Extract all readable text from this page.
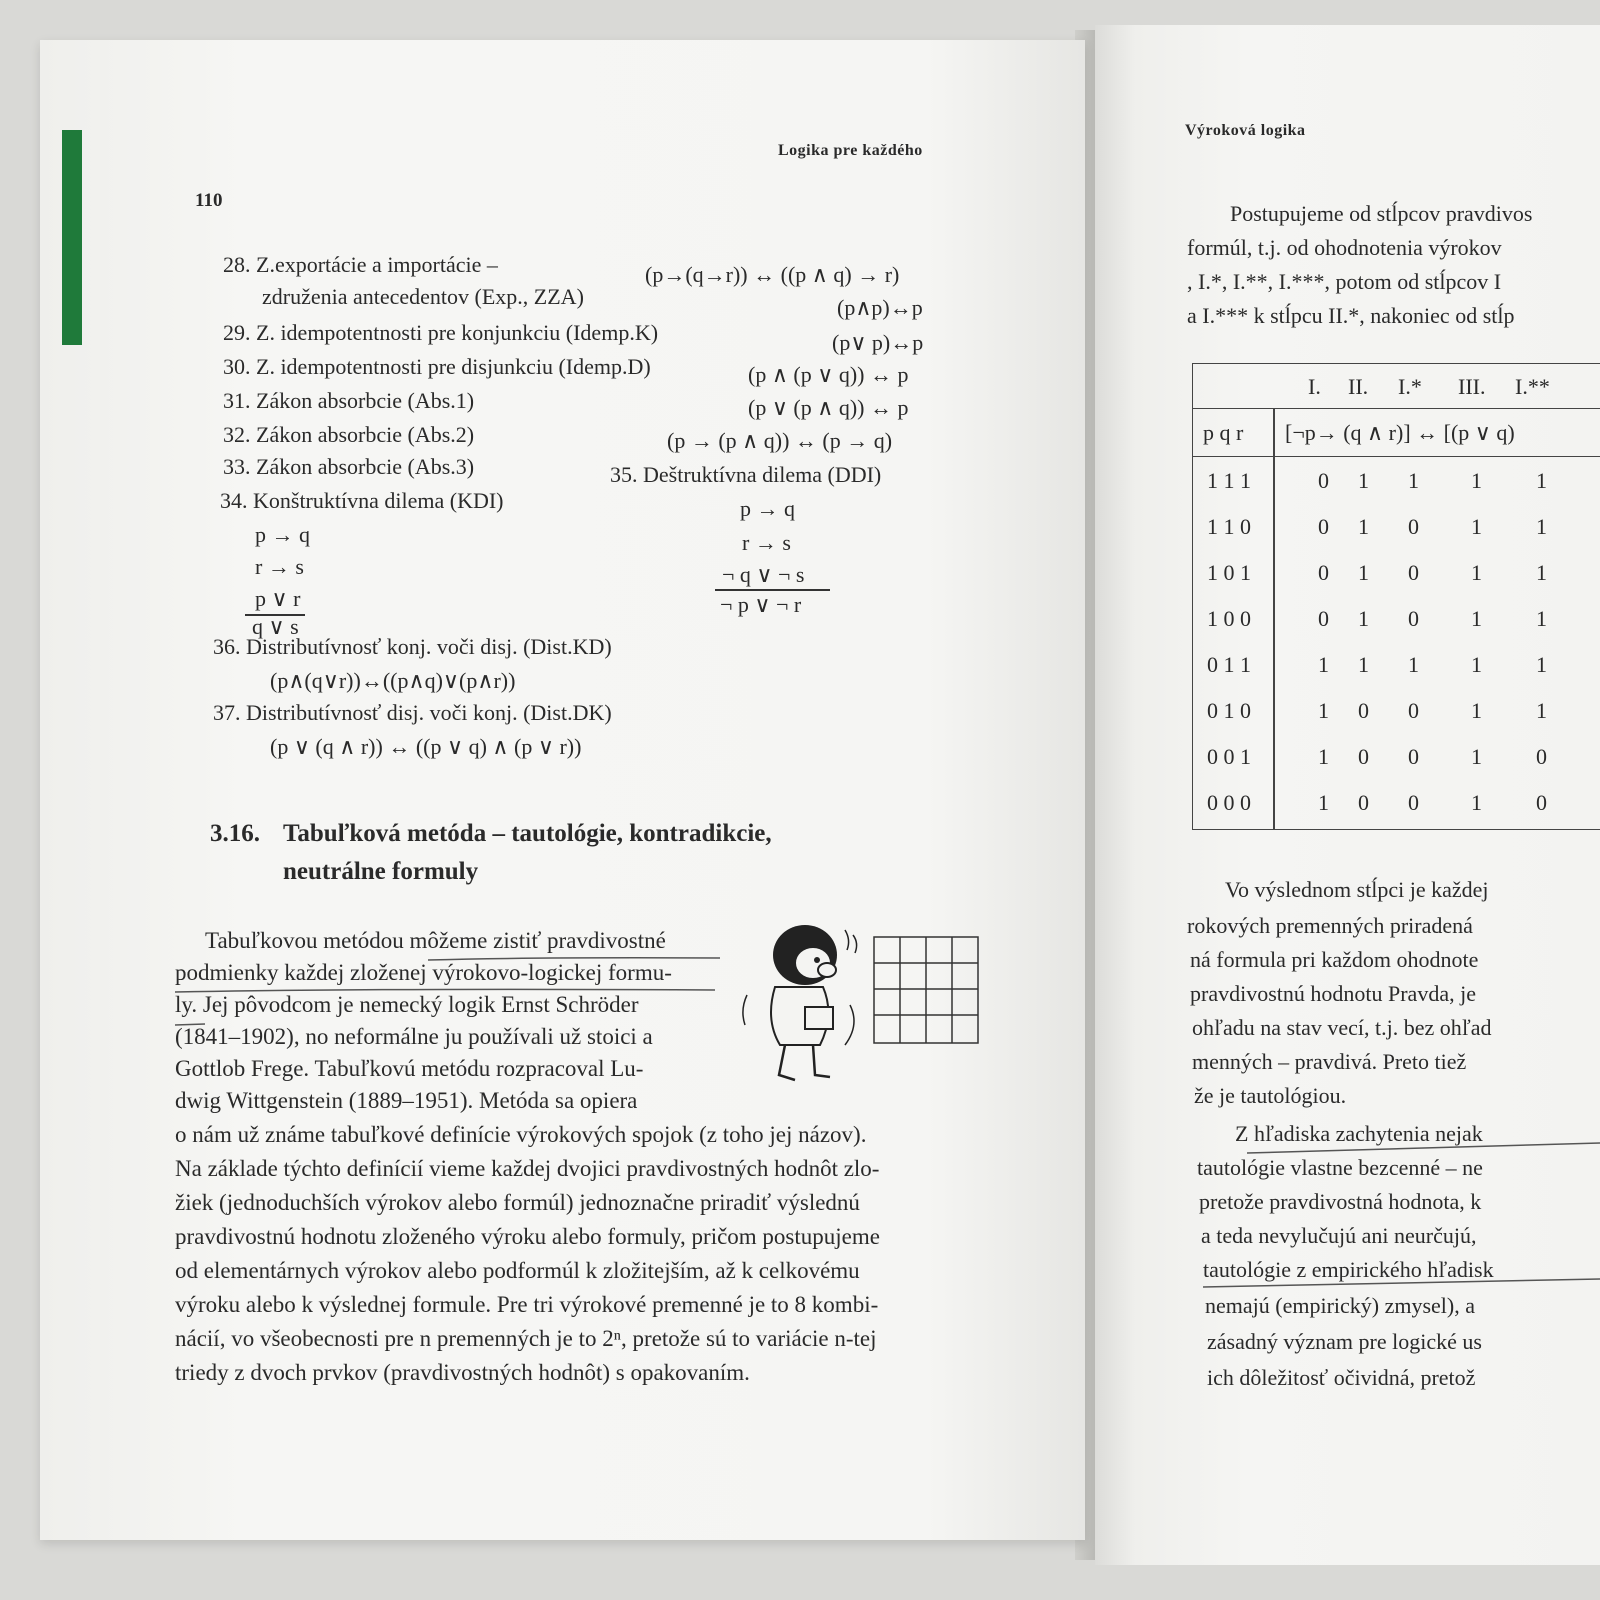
Logika pre každého
110
28. Z.exportácie a importácie –
združenia antecedentov (Exp., ZZA)
(p→(q→r)) ↔ ((p ∧ q) → r)
29. Z. idempotentnosti pre konjunkciu (Idemp.K)
(p∧p)↔p
30. Z. idempotentnosti pre disjunkciu (Idemp.D)
(p∨ p)↔p
31. Zákon absorbcie (Abs.1)
(p ∧ (p ∨ q)) ↔ p
32. Zákon absorbcie (Abs.2)
(p ∨ (p ∧ q)) ↔ p
33. Zákon absorbcie (Abs.3)
(p → (p ∧ q)) ↔ (p → q)
34. Konštruktívna dilema (KDI)
p → q
r → s
p ∨ r
q ∨ s
35. Deštruktívna dilema (DDI)
p → q
r → s
¬ q ∨ ¬ s
¬ p ∨ ¬ r
36. Distributívnosť konj. voči disj. (Dist.KD)
(p∧(q∨r))↔((p∧q)∨(p∧r))
37. Distributívnosť disj. voči konj. (Dist.DK)
(p ∨ (q ∧ r)) ↔ ((p ∨ q) ∧ (p ∨ r))
3.16. Tabuľková metóda – tautológie, kontradikcie,
neutrálne formuly
Tabuľkovou metódou môžeme zistiť pravdivostné
podmienky každej zloženej výrokovo-logickej formu-
ly. Jej pôvodcom je nemecký logik Ernst Schröder
(1841–1902), no neformálne ju používali už stoici a
Gottlob Frege. Tabuľkovú metódu rozpracoval Lu-
dwig Wittgenstein (1889–1951). Metóda sa opiera
o nám už známe tabuľkové definície výrokových spojok (z toho jej názov).
Na základe týchto definícií vieme každej dvojici pravdivostných hodnôt zlo-
žiek (jednoduchších výrokov alebo formúl) jednoznačne priradiť výslednú
pravdivostnú hodnotu zloženého výroku alebo formuly, pričom postupujeme
od elementárnych výrokov alebo podformúl k zložitejším, až k celkovému
výroku alebo k výslednej formule. Pre tri výrokové premenné je to 8 kombi-
nácií, vo všeobecnosti pre n premenných je to 2ⁿ, pretože sú to variácie n-tej
triedy z dvoch prvkov (pravdivostných hodnôt) s opakovaním.
Výroková logika
Postupujeme od stĺpcov pravdivos
formúl, t.j. od ohodnotenia výrokov
, I.*, I.**, I.***, potom od stĺpcov I
a I.*** k stĺpcu II.*, nakoniec od stĺp
I. II. I.* III. I.**
p q r [¬p→ (q ∧ r)] ↔ [(p ∨ q)
1 1 1	0 1 1 1 1
1 1 0	0 1 0 1 1
1 0 1	0 1 0 1 1
1 0 0	0 1 0 1 1
0 1 1	1 1 1 1 1
0 1 0	1 0 0 1 1
0 0 1	1 0 0 1 0
0 0 0	1 0 0 1 0
Vo výslednom stĺpci je každej
rokových premenných priradená
ná formula pri každom ohodnote
pravdivostnú hodnotu Pravda, je
ohľadu na stav vecí, t.j. bez ohľad
menných – pravdivá. Preto tiež
že je tautológiou.
Z hľadiska zachytenia nejak
tautológie vlastne bezcenné – ne
pretože pravdivostná hodnota, k
a teda nevylučujú ani neurčujú,
tautológie z empirického hľadisk
nemajú (empirický) zmysel), a
zásadný význam pre logické us
ich dôležitosť očividná, pretož
